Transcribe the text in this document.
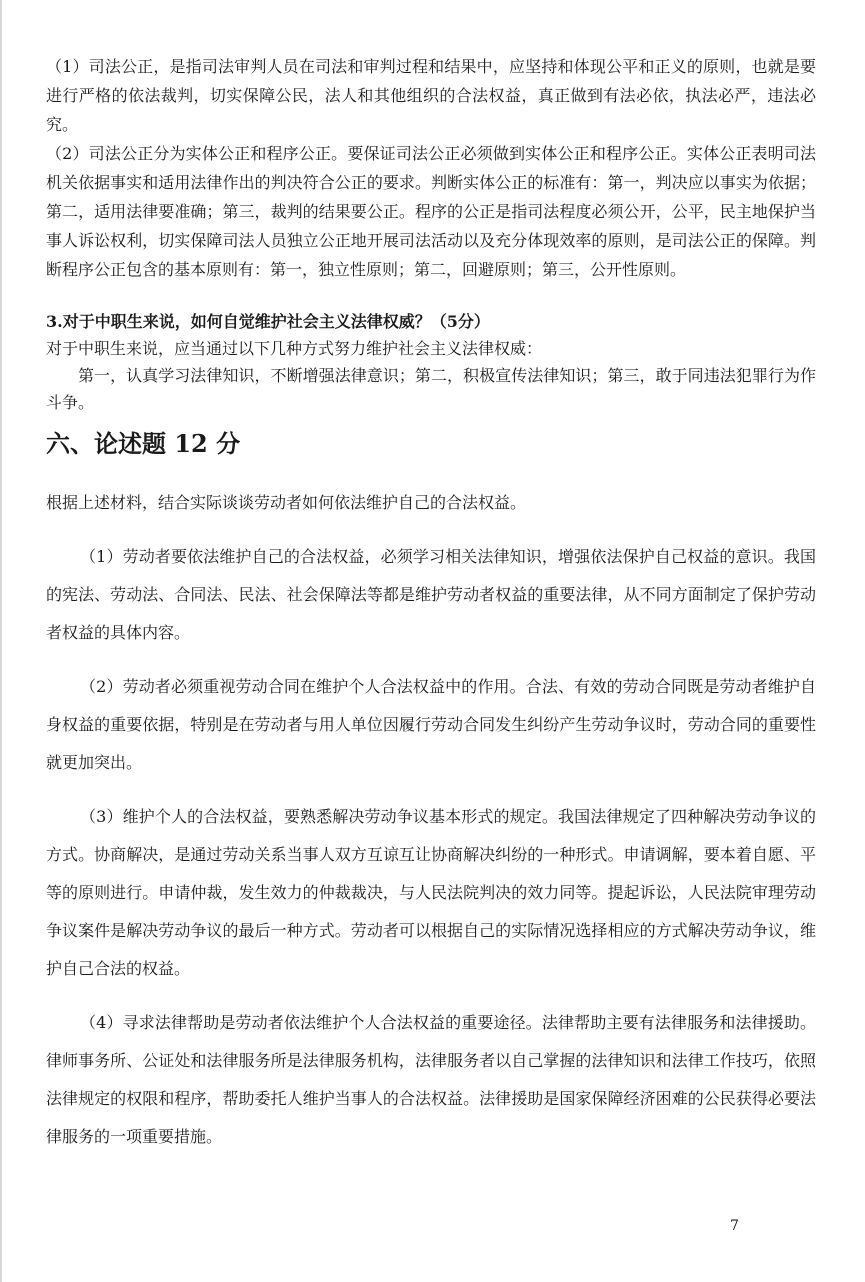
（1）司法公正，是指司法审判人员在司法和审判过程和结果中，应坚持和体现公平和正义的原则，也就是要进行严格的依法裁判，切实保障公民，法人和其他组织的合法权益，真正做到有法必依，执法必严，违法必究。

（2）司法公正分为实体公正和程序公正。要保证司法公正必须做到实体公正和程序公正。实体公正表明司法机关依据事实和适用法律作出的判决符合公正的要求。判断实体公正的标准有：第一，判决应以事实为依据；第二，适用法律要准确；第三，裁判的结果要公正。程序的公正是指司法程度必须公开，公平，民主地保护当事人诉讼权利，切实保障司法人员独立公正地开展司法活动以及充分体现效率的原则，是司法公正的保障。判断程序公正包含的基本原则有：第一，独立性原则；第二，回避原则；第三，公开性原则。

3.对于中职生来说，如何自觉维护社会主义法律权威？（5分）

对于中职生来说，应当通过以下几种方式努力维护社会主义法律权威：

第一，认真学习法律知识，不断增强法律意识；第二，积极宣传法律知识；第三，敢于同违法犯罪行为作斗争。

六、论述题 12 分

根据上述材料，结合实际谈谈劳动者如何依法维护自己的合法权益。

（1）劳动者要依法维护自己的合法权益，必须学习相关法律知识，增强依法保护自己权益的意识。我国的宪法、劳动法、合同法、民法、社会保障法等都是维护劳动者权益的重要法律，从不同方面制定了保护劳动者权益的具体内容。

（2）劳动者必须重视劳动合同在维护个人合法权益中的作用。合法、有效的劳动合同既是劳动者维护自身权益的重要依据，特别是在劳动者与用人单位因履行劳动合同发生纠纷产生劳动争议时，劳动合同的重要性就更加突出。

（3）维护个人的合法权益，要熟悉解决劳动争议基本形式的规定。我国法律规定了四种解决劳动争议的方式。协商解决，是通过劳动关系当事人双方互谅互让协商解决纠纷的一种形式。申请调解，要本着自愿、平等的原则进行。申请仲裁，发生效力的仲裁裁决，与人民法院判决的效力同等。提起诉讼，人民法院审理劳动争议案件是解决劳动争议的最后一种方式。劳动者可以根据自己的实际情况选择相应的方式解决劳动争议，维护自己合法的权益。

（4）寻求法律帮助是劳动者依法维护个人合法权益的重要途径。法律帮助主要有法律服务和法律援助。律师事务所、公证处和法律服务所是法律服务机构，法律服务者以自己掌握的法律知识和法律工作技巧，依照法律规定的权限和程序，帮助委托人维护当事人的合法权益。法律援助是国家保障经济困难的公民获得必要法律服务的一项重要措施。

7
